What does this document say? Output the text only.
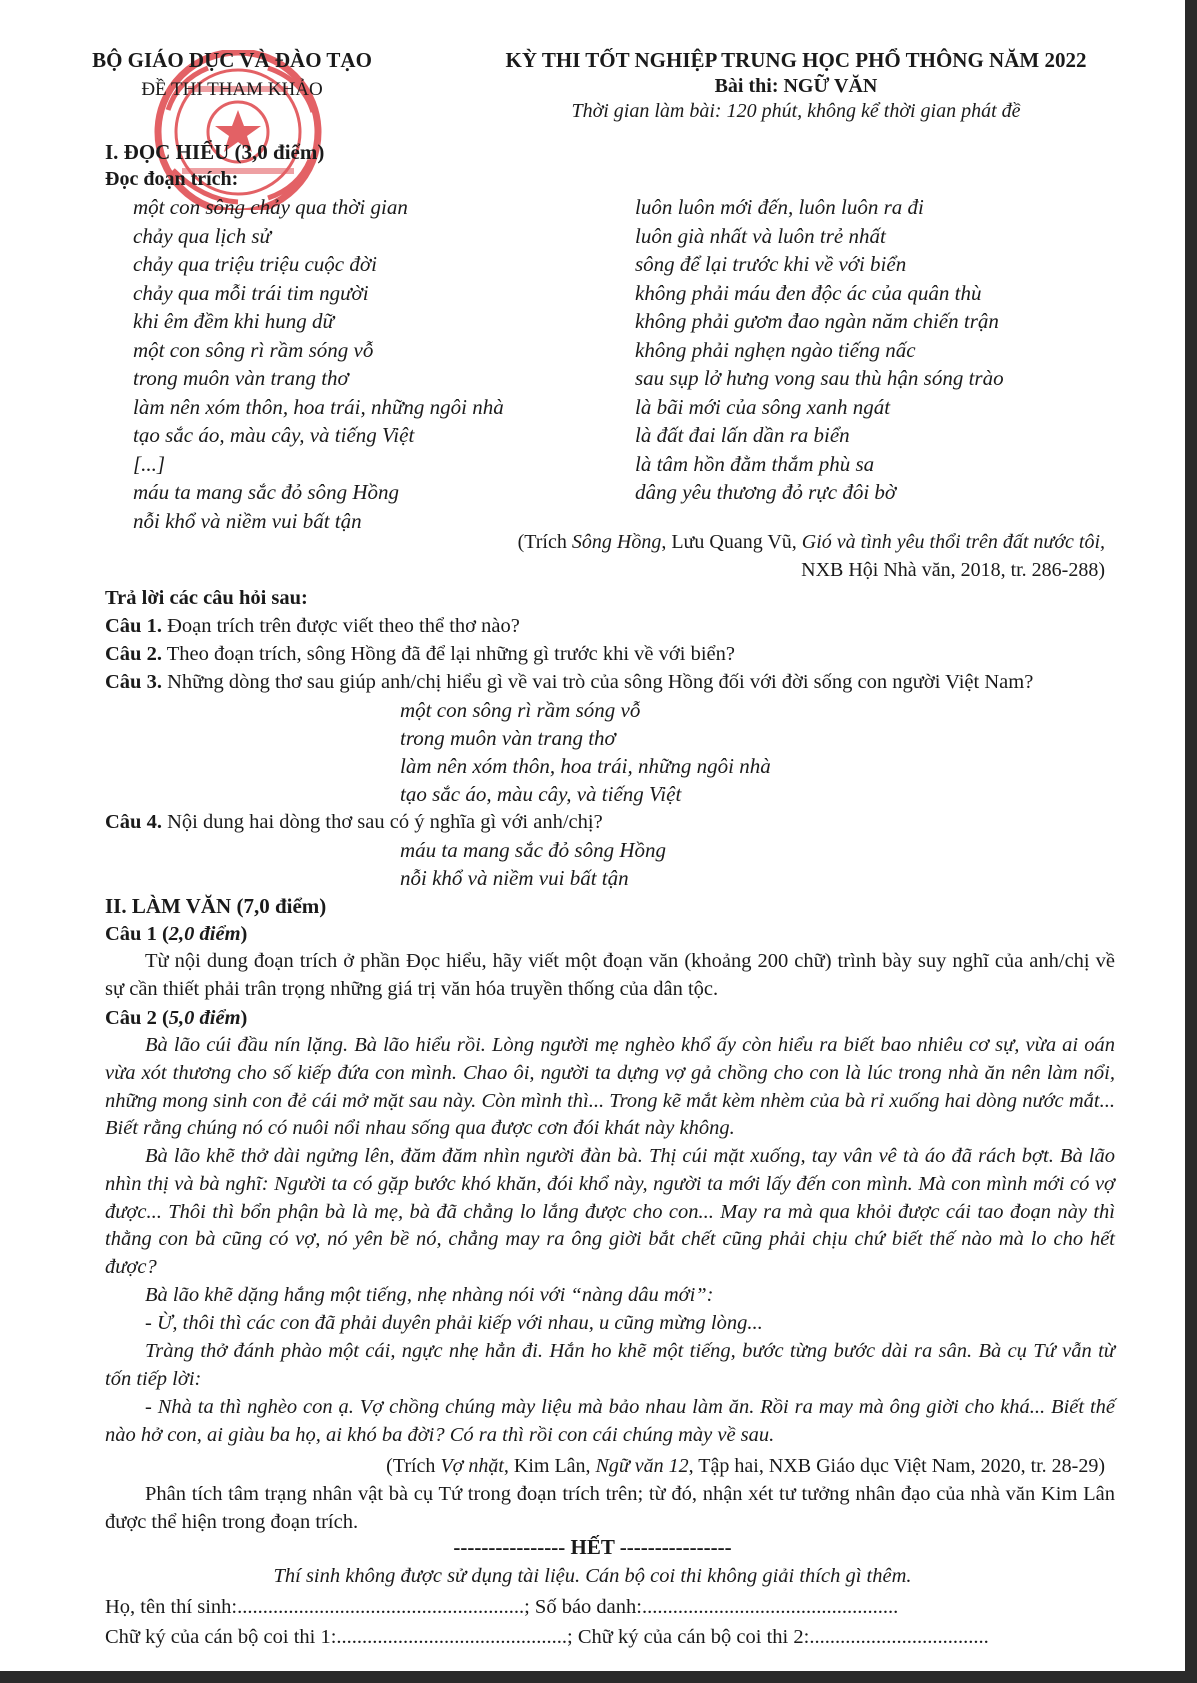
BỘ GIÁO DỤC VÀ ĐÀO TẠO
ĐỀ THI THAM KHẢO
KỲ THI TỐT NGHIỆP TRUNG HỌC PHỔ THÔNG NĂM 2022
Bài thi: NGỮ VĂN
Thời gian làm bài: 120 phút, không kể thời gian phát đề
I. ĐỌC HIỂU (3,0 điểm)
Đọc đoạn trích:
một con sông chảy qua thời gian
chảy qua lịch sử
chảy qua triệu triệu cuộc đời
chảy qua mỗi trái tim người
khi êm đềm khi hung dữ
một con sông rì rầm sóng vỗ
trong muôn vàn trang thơ
làm nên xóm thôn, hoa trái, những ngôi nhà
tạo sắc áo, màu cây, và tiếng Việt
[...]
máu ta mang sắc đỏ sông Hồng
nỗi khổ và niềm vui bất tận
luôn luôn mới đến, luôn luôn ra đi
luôn già nhất và luôn trẻ nhất
sông để lại trước khi về với biển
không phải máu đen độc ác của quân thù
không phải gươm đao ngàn năm chiến trận
không phải nghẹn ngào tiếng nấc
sau sụp lở hưng vong sau thù hận sóng trào
là bãi mới của sông xanh ngát
là đất đai lấn dần ra biển
là tâm hồn đằm thắm phù sa
dâng yêu thương đỏ rực đôi bờ
(Trích Sông Hồng, Lưu Quang Vũ, Gió và tình yêu thổi trên đất nước tôi,
NXB Hội Nhà văn, 2018, tr. 286-288)
Trả lời các câu hỏi sau:
Câu 1. Đoạn trích trên được viết theo thể thơ nào?
Câu 2. Theo đoạn trích, sông Hồng đã để lại những gì trước khi về với biển?
Câu 3. Những dòng thơ sau giúp anh/chị hiểu gì về vai trò của sông Hồng đối với đời sống con người Việt Nam?
một con sông rì rầm sóng vỗ
trong muôn vàn trang thơ
làm nên xóm thôn, hoa trái, những ngôi nhà
tạo sắc áo, màu cây, và tiếng Việt
Câu 4. Nội dung hai dòng thơ sau có ý nghĩa gì với anh/chị?
máu ta mang sắc đỏ sông Hồng
nỗi khổ và niềm vui bất tận
II. LÀM VĂN (7,0 điểm)
Câu 1 (2,0 điểm)
Từ nội dung đoạn trích ở phần Đọc hiểu, hãy viết một đoạn văn (khoảng 200 chữ) trình bày suy nghĩ của anh/chị về sự cần thiết phải trân trọng những giá trị văn hóa truyền thống của dân tộc.
Câu 2 (5,0 điểm)
Bà lão cúi đầu nín lặng. Bà lão hiểu rồi. Lòng người mẹ nghèo khổ ấy còn hiểu ra biết bao nhiêu cơ sự, vừa ai oán vừa xót thương cho số kiếp đứa con mình. Chao ôi, người ta dựng vợ gả chồng cho con là lúc trong nhà ăn nên làm nổi, những mong sinh con đẻ cái mở mặt sau này. Còn mình thì... Trong kẽ mắt kèm nhèm của bà rỉ xuống hai dòng nước mắt... Biết rằng chúng nó có nuôi nổi nhau sống qua được cơn đói khát này không.
Bà lão khẽ thở dài ngửng lên, đăm đăm nhìn người đàn bà. Thị cúi mặt xuống, tay vân vê tà áo đã rách bợt. Bà lão nhìn thị và bà nghĩ: Người ta có gặp bước khó khăn, đói khổ này, người ta mới lấy đến con mình. Mà con mình mới có vợ được... Thôi thì bổn phận bà là mẹ, bà đã chẳng lo lắng được cho con... May ra mà qua khỏi được cái tao đoạn này thì thằng con bà cũng có vợ, nó yên bề nó, chẳng may ra ông giời bắt chết cũng phải chịu chứ biết thế nào mà lo cho hết được?
Bà lão khẽ dặng hắng một tiếng, nhẹ nhàng nói với “nàng dâu mới”:
- Ừ, thôi thì các con đã phải duyên phải kiếp với nhau, u cũng mừng lòng...
Tràng thở đánh phào một cái, ngực nhẹ hẳn đi. Hắn ho khẽ một tiếng, bước từng bước dài ra sân. Bà cụ Tứ vẫn từ tốn tiếp lời:
- Nhà ta thì nghèo con ạ. Vợ chồng chúng mày liệu mà bảo nhau làm ăn. Rồi ra may mà ông giời cho khá... Biết thế nào hở con, ai giàu ba họ, ai khó ba đời? Có ra thì rồi con cái chúng mày về sau.
(Trích Vợ nhặt, Kim Lân, Ngữ văn 12, Tập hai, NXB Giáo dục Việt Nam, 2020, tr. 28-29)
Phân tích tâm trạng nhân vật bà cụ Tứ trong đoạn trích trên; từ đó, nhận xét tư tưởng nhân đạo của nhà văn Kim Lân được thể hiện trong đoạn trích.
---------------- HẾT ----------------
Thí sinh không được sử dụng tài liệu. Cán bộ coi thi không giải thích gì thêm.
Họ, tên thí sinh:........................................................; Số báo danh:..................................................
Chữ ký của cán bộ coi thi 1:.............................................; Chữ ký của cán bộ coi thi 2:...................................
